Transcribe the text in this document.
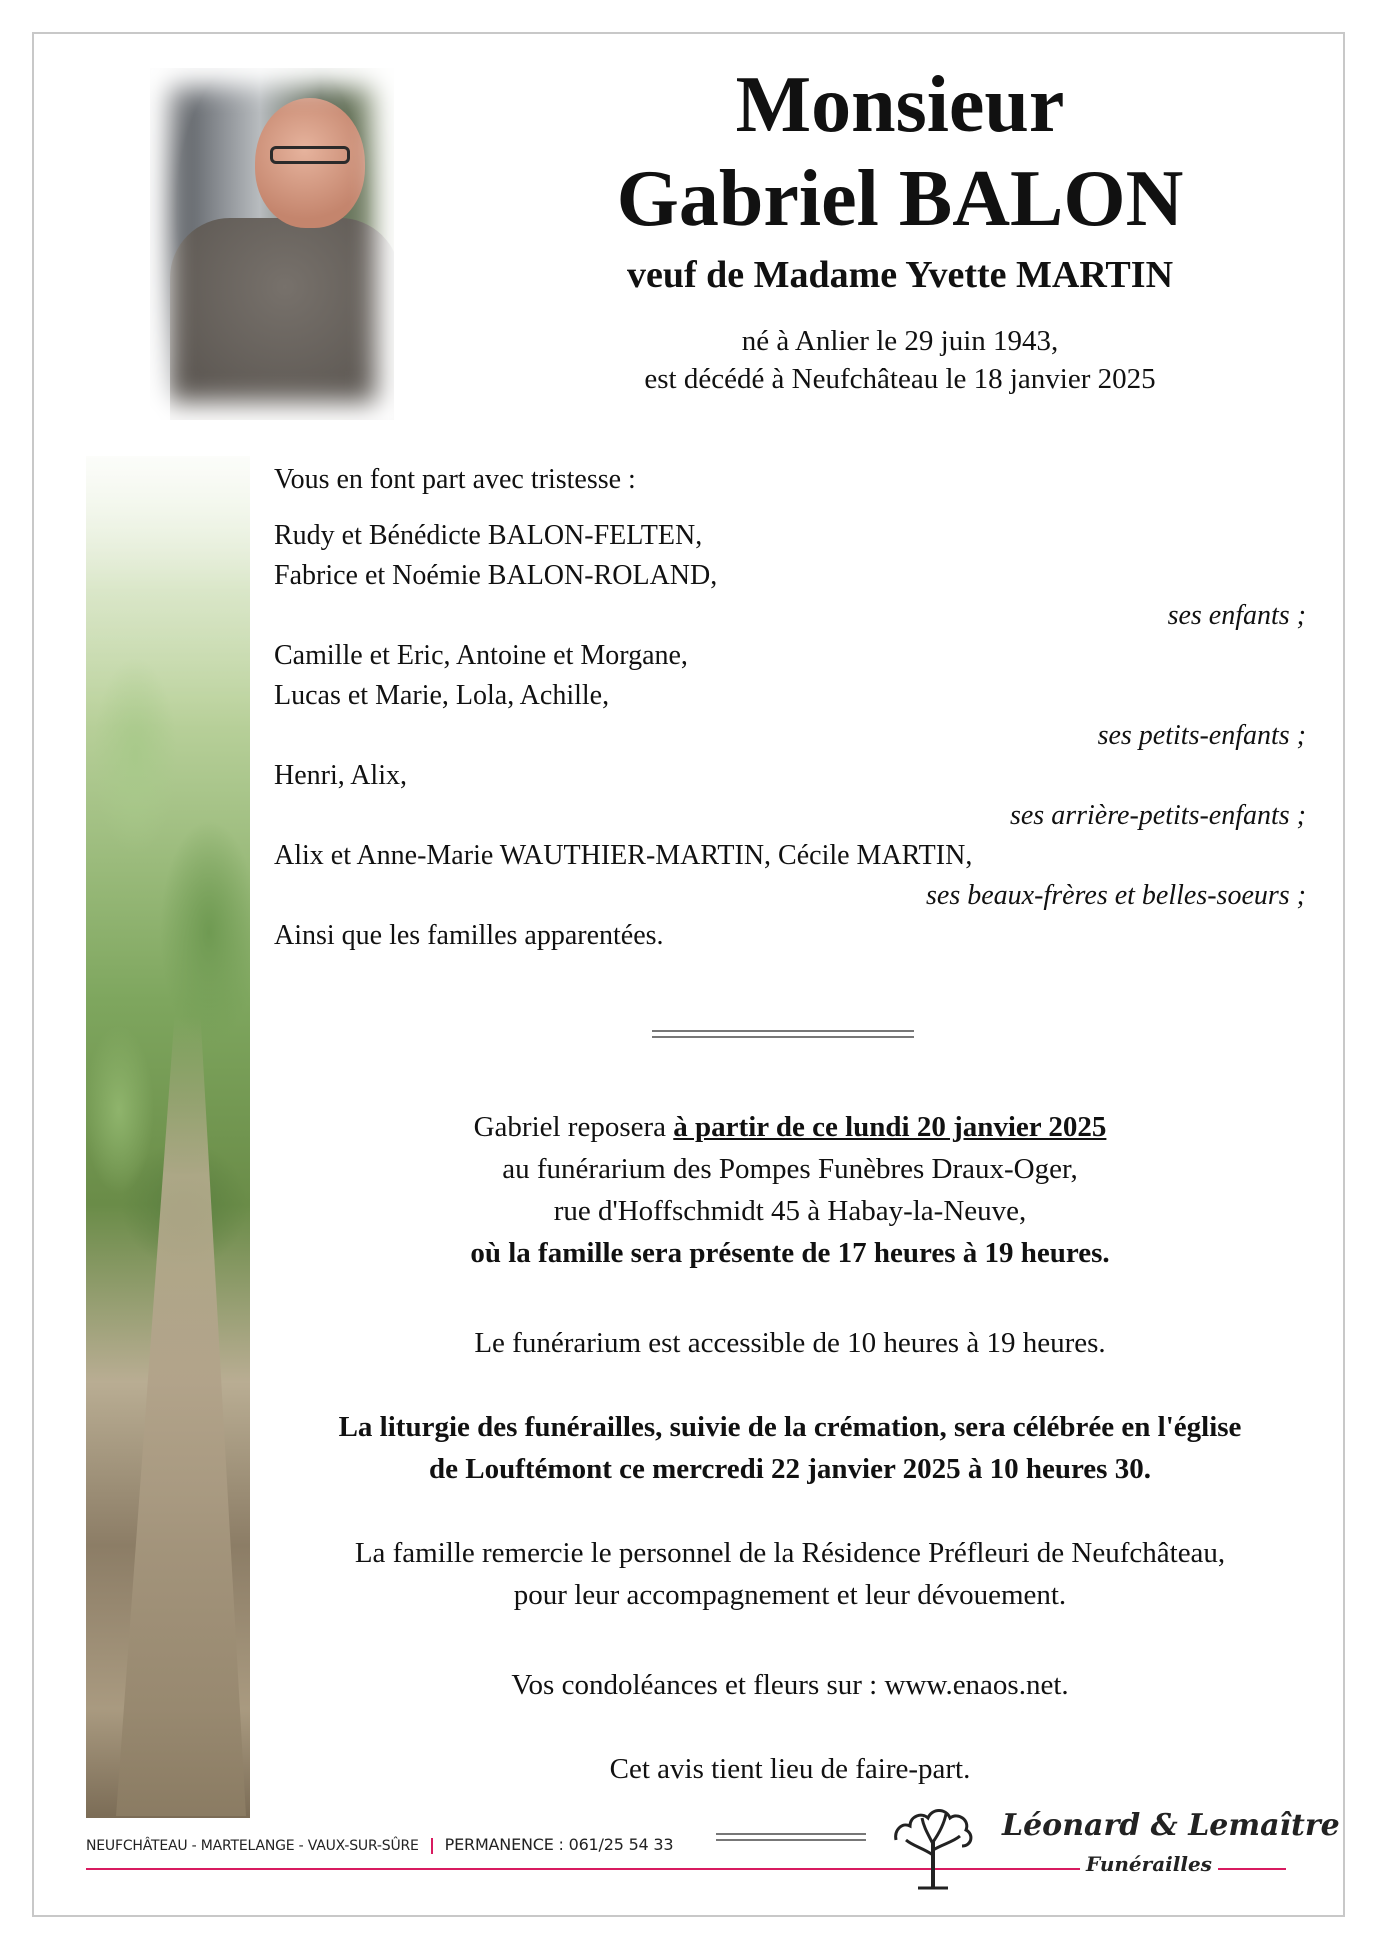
Monsieur
Gabriel BALON
veuf de Madame Yvette MARTIN
né à Anlier le 29 juin 1943,
est décédé à Neufchâteau le 18 janvier 2025
Vous en font part avec tristesse :
Rudy et Bénédicte BALON-FELTEN,
Fabrice et Noémie BALON-ROLAND,
ses enfants ;
Camille et Eric, Antoine et Morgane,
Lucas et Marie, Lola, Achille,
ses petits-enfants ;
Henri, Alix,
ses arrière-petits-enfants ;
Alix et Anne-Marie WAUTHIER-MARTIN, Cécile MARTIN,
ses beaux-frères et belles-soeurs ;
Ainsi que les familles apparentées.
Gabriel reposera à partir de ce lundi 20 janvier 2025
au funérarium des Pompes Funèbres Draux-Oger,
rue d'Hoffschmidt 45 à Habay-la-Neuve,
où la famille sera présente de 17 heures à 19 heures.
Le funérarium est accessible de 10 heures à 19 heures.
La liturgie des funérailles, suivie de la crémation, sera célébrée en l'église
de Louftémont ce mercredi 22 janvier 2025 à 10 heures 30.
La famille remercie le personnel de la Résidence Préfleuri de Neufchâteau,
pour leur accompagnement et leur dévouement.
Vos condoléances et fleurs sur : www.enaos.net.
Cet avis tient lieu de faire-part.
NEUFCHÂTEAU - MARTELANGE - VAUX-SUR-SÛRE PERMANENCE : 061/25 54 33
Léonard & Lemaître
Funérailles
